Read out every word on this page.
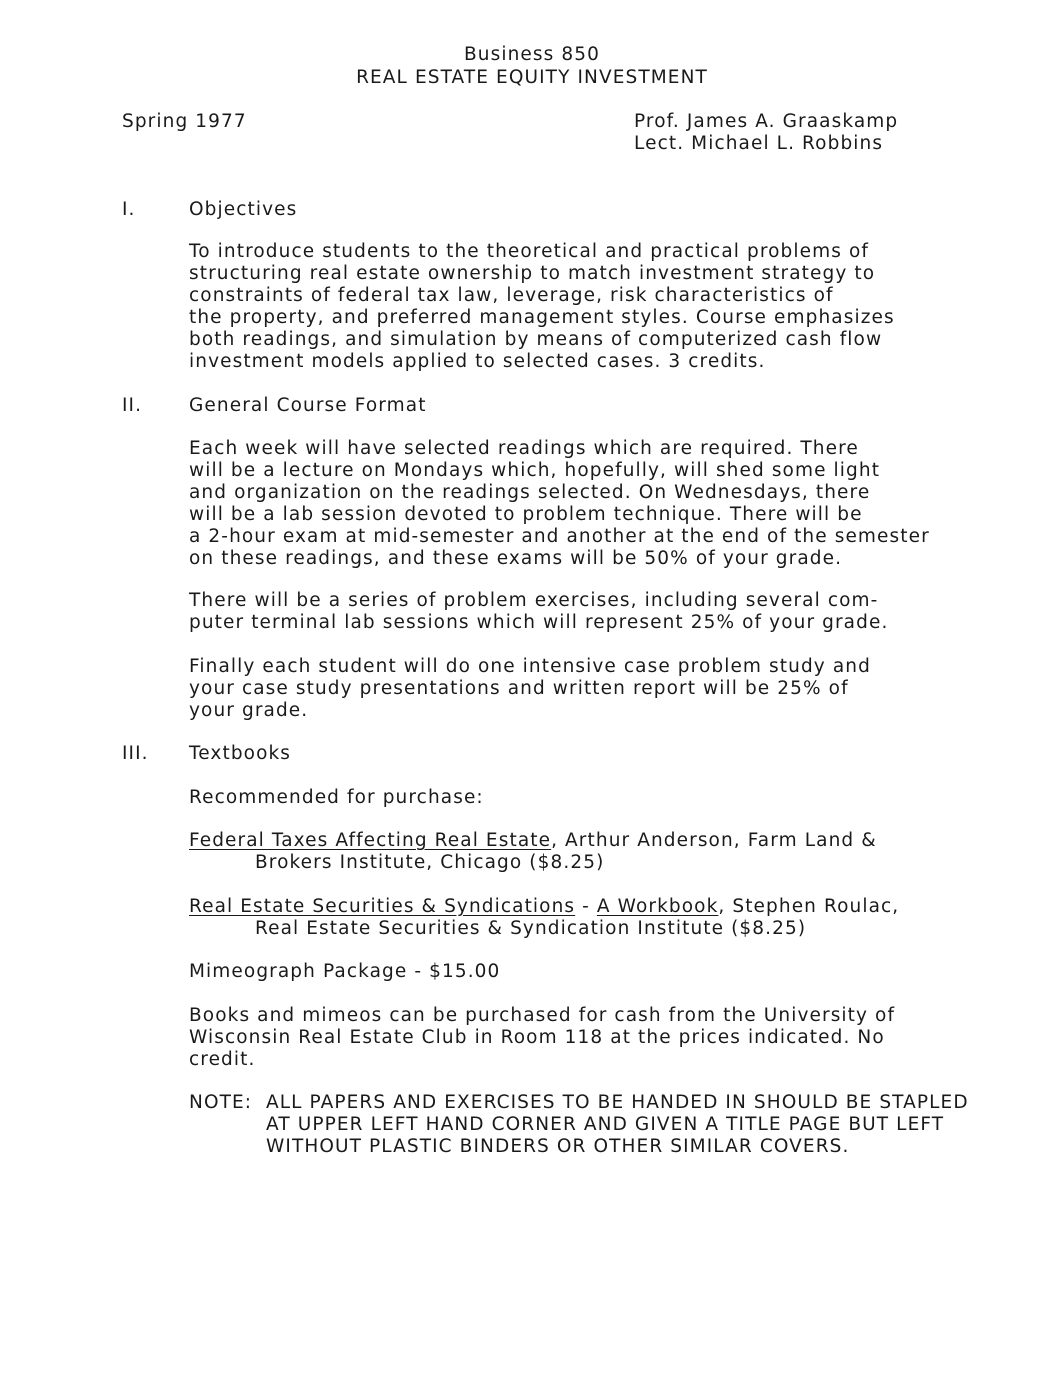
Business 850
REAL ESTATE EQUITY INVESTMENT
Spring 1977	Prof. James A. Graaskamp
Lect. Michael L. Robbins
I.	Objectives
To introduce students to the theoretical and practical problems of
structuring real estate ownership to match investment strategy to
constraints of federal tax law, leverage, risk characteristics of
the property, and preferred management styles. Course emphasizes
both readings, and simulation by means of computerized cash flow
investment models applied to selected cases. 3 credits.
II.	General Course Format
Each week will have selected readings which are required. There
will be a lecture on Mondays which, hopefully, will shed some light
and organization on the readings selected. On Wednesdays, there
will be a lab session devoted to problem technique. There will be
a 2-hour exam at mid-semester and another at the end of the semester
on these readings, and these exams will be 50% of your grade.
There will be a series of problem exercises, including several com-
puter terminal lab sessions which will represent 25% of your grade.
Finally each student will do one intensive case problem study and
your case study presentations and written report will be 25% of
your grade.
III. Textbooks
Recommended for purchase:
Federal Taxes Affecting Real Estate, Arthur Anderson, Farm Land &
Brokers Institute, Chicago ($8.25)
Real Estate Securities & Syndications - A Workbook, Stephen Roulac,
Real Estate Securities & Syndication Institute ($8.25)
Mimeograph Package - $15.00
Books and mimeos can be purchased for cash from the University of
Wisconsin Real Estate Club in Room 118 at the prices indicated. No
credit.
NOTE: ALL PAPERS AND EXERCISES TO BE HANDED IN SHOULD BE STAPLED
AT UPPER LEFT HAND CORNER AND GIVEN A TITLE PAGE BUT LEFT
WITHOUT PLASTIC BINDERS OR OTHER SIMILAR COVERS.
